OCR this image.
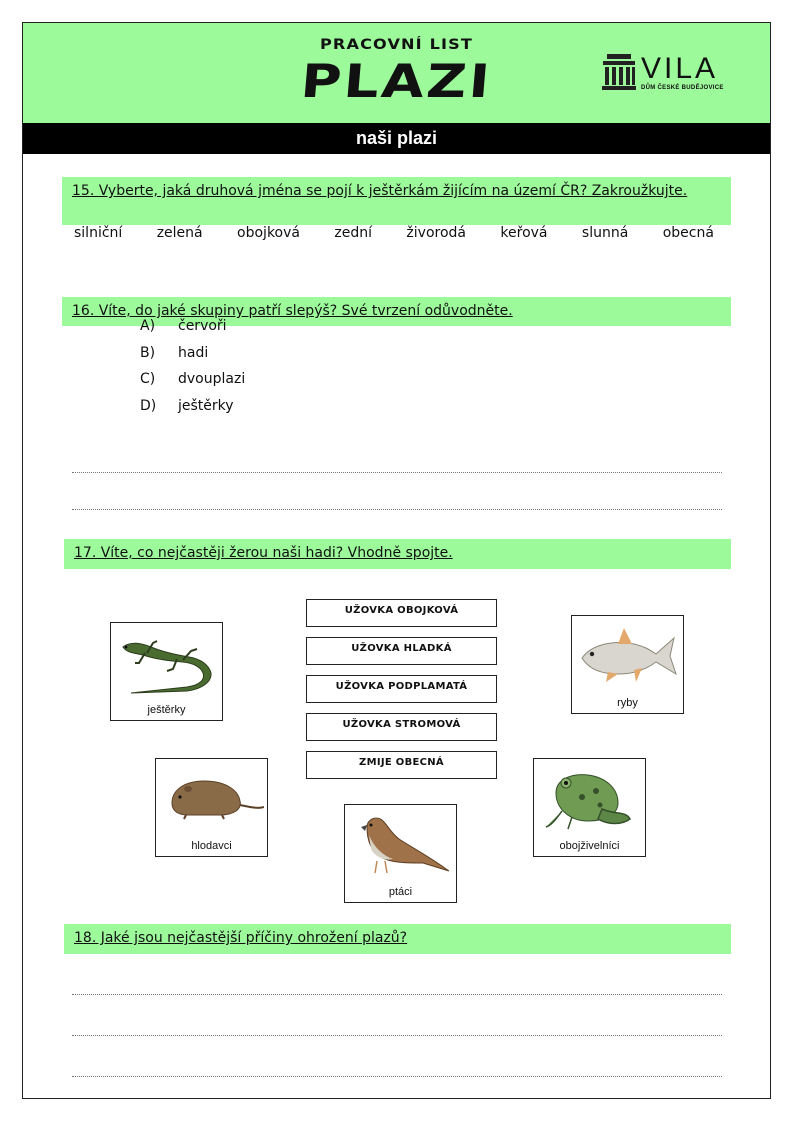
PRACOVNÍ LIST
PLAZI	VILA
DŮM ČESKÉ BUDĚJOVICE
naši plazi
15. Vyberte, jaká druhová jména se pojí k ještěrkám žijícím na území ČR? Zakroužkujte.
silniční zelená obojková zední živorodá keřová slunná obecná
16. Víte, do jaké skupiny patří slepýš? Své tvrzení odůvodněte.
A)	červoři
B)	hadi
C)	dvouplazi
D)	ještěrky
17. Víte, co nejčastěji žerou naši hadi? Vhodně spojte.
UŽOVKA OBOJKOVÁ
UŽOVKA HLADKÁ
UŽOVKA PODPLAMATÁ
UŽOVKA STROMOVÁ
ZMIJE OBECNÁ
ještěrky
ryby
hlodavci
ptáci
obojživelníci
18. Jaké jsou nejčastější příčiny ohrožení plazů?
